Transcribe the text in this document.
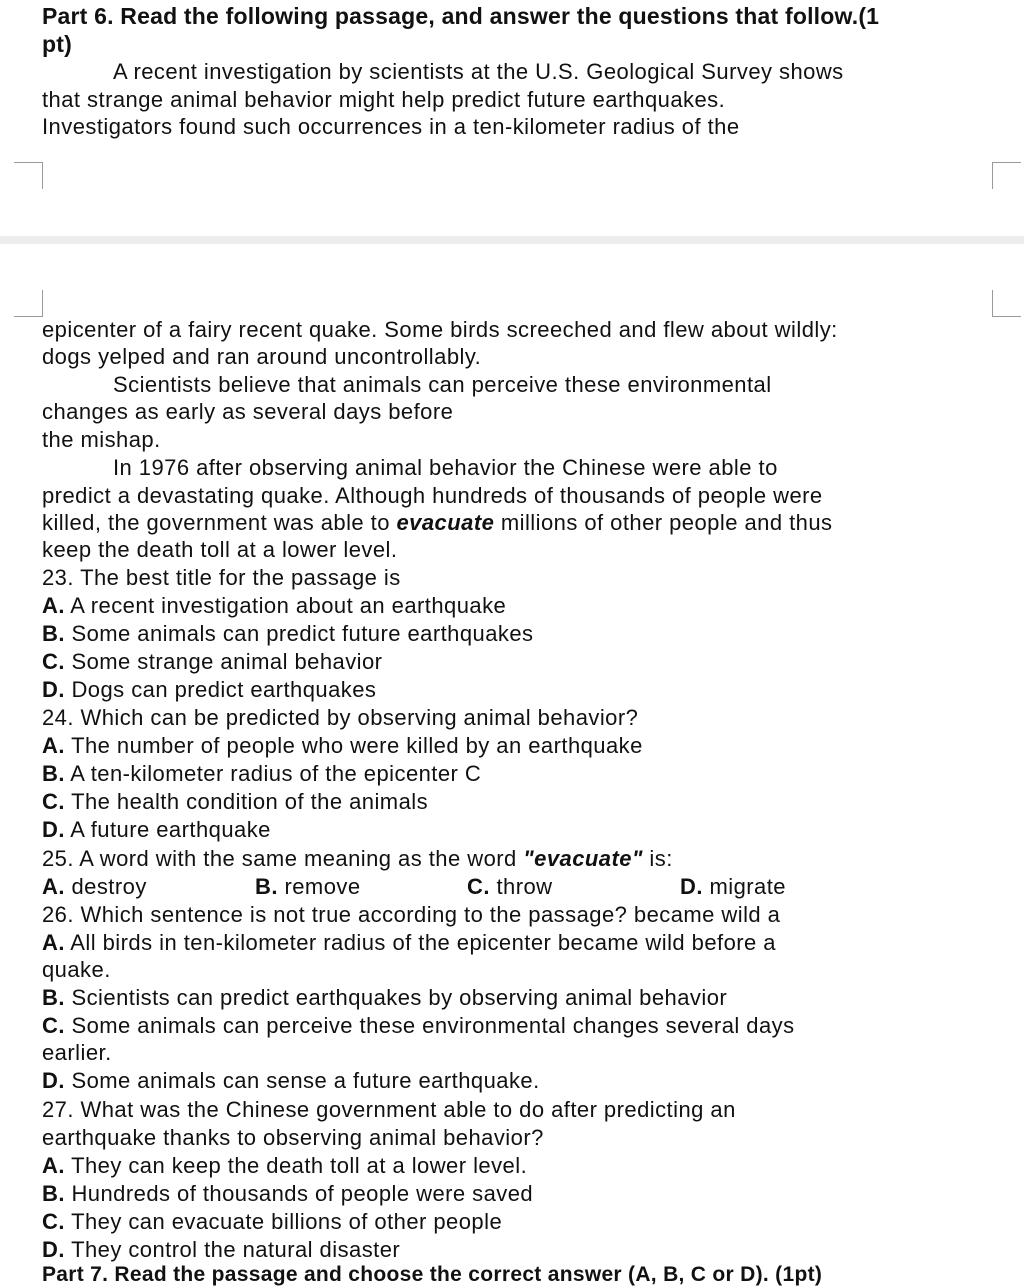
Part 6. Read the following passage, and answer the questions that follow.(1
pt)
A recent investigation by scientists at the U.S. Geological Survey shows
that strange animal behavior might help predict future earthquakes.
Investigators found such occurrences in a ten-kilometer radius of the
epicenter of a fairy recent quake. Some birds screeched and flew about wildly:
dogs yelped and ran around uncontrollably.
Scientists believe that animals can perceive these environmental
changes as early as several days before
the mishap.
In 1976 after observing animal behavior the Chinese were able to
predict a devastating quake. Although hundreds of thousands of people were
killed, the government was able to evacuate millions of other people and thus
keep the death toll at a lower level.
23. The best title for the passage is
A. A recent investigation about an earthquake
B. Some animals can predict future earthquakes
C. Some strange animal behavior
D. Dogs can predict earthquakes
24. Which can be predicted by observing animal behavior?
A. The number of people who were killed by an earthquake
B. A ten-kilometer radius of the epicenter C
C. The health condition of the animals
D. A future earthquake
25. A word with the same meaning as the word "evacuate" is:
A. destroy	B. remove	C. throw	D. migrate
26. Which sentence is not true according to the passage? became wild a
A. All birds in ten-kilometer radius of the epicenter became wild before a
quake.
B. Scientists can predict earthquakes by observing animal behavior
C. Some animals can perceive these environmental changes several days
earlier.
D. Some animals can sense a future earthquake.
27. What was the Chinese government able to do after predicting an
earthquake thanks to observing animal behavior?
A. They can keep the death toll at a lower level.
B. Hundreds of thousands of people were saved
C. They can evacuate billions of other people
D. They control the natural disaster
Part 7. Read the passage and choose the correct answer (A, B, C or D). (1pt)
